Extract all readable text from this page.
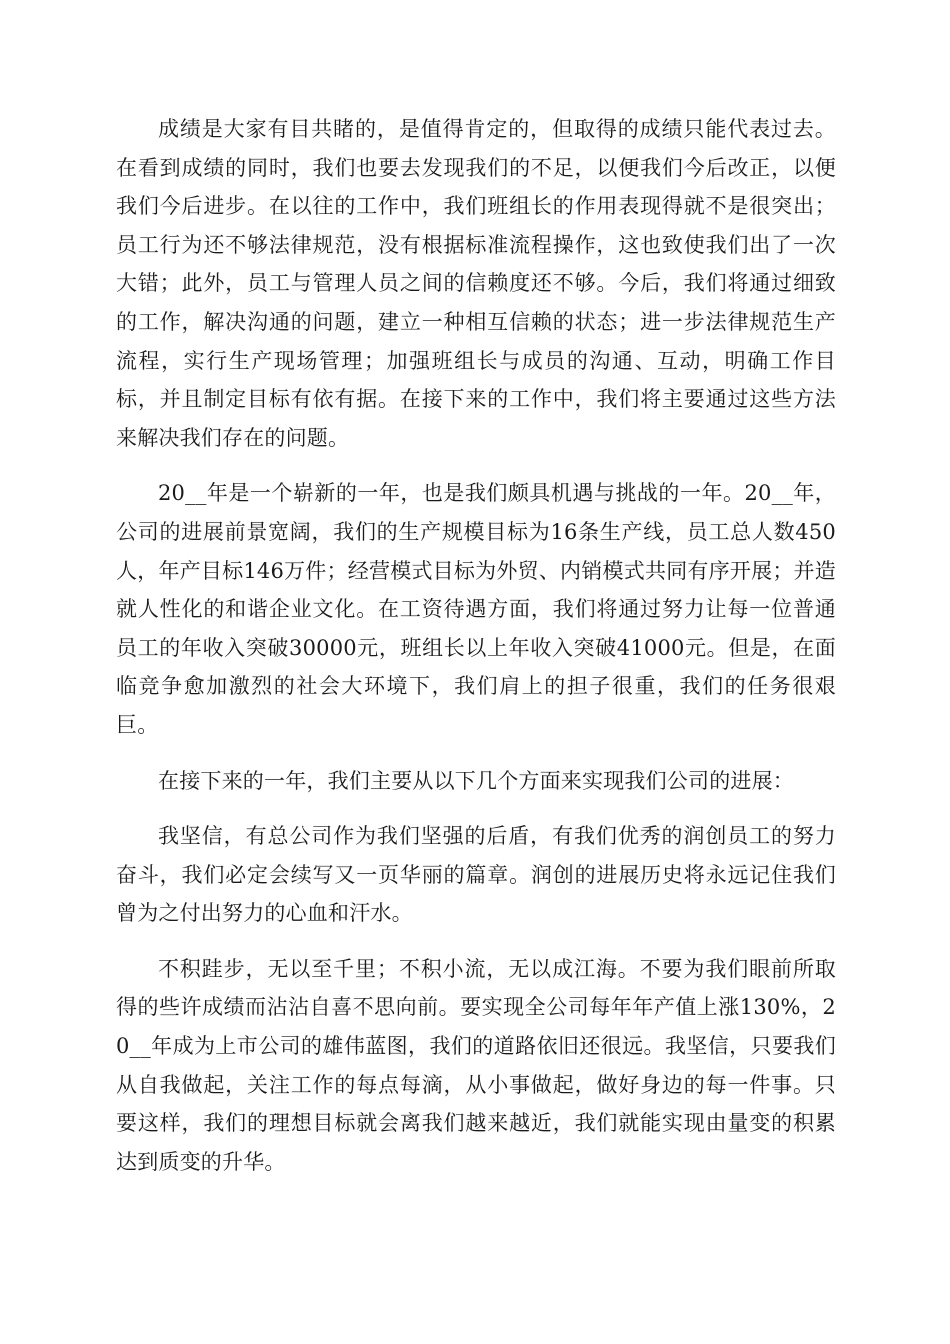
成绩是大家有目共睹的，是值得肯定的，但取得的成绩只能代表过去。在看到成绩的同时，我们也要去发现我们的不足，以便我们今后改正，以便我们今后进步。在以往的工作中，我们班组长的作用表现得就不是很突出；员工行为还不够法律规范，没有根据标准流程操作，这也致使我们出了一次大错；此外，员工与管理人员之间的信赖度还不够。今后，我们将通过细致的工作，解决沟通的问题，建立一种相互信赖的状态；进一步法律规范生产流程，实行生产现场管理；加强班组长与成员的沟通、互动，明确工作目标，并且制定目标有依有据。在接下来的工作中，我们将主要通过这些方法来解决我们存在的问题。

20__年是一个崭新的一年，也是我们颇具机遇与挑战的一年。20__年，公司的进展前景宽阔，我们的生产规模目标为16条生产线，员工总人数450人，年产目标146万件；经营模式目标为外贸、内销模式共同有序开展；并造就人性化的和谐企业文化。在工资待遇方面，我们将通过努力让每一位普通员工的年收入突破30000元，班组长以上年收入突破41000元。但是，在面临竞争愈加激烈的社会大环境下，我们肩上的担子很重，我们的任务很艰巨。

在接下来的一年，我们主要从以下几个方面来实现我们公司的进展：

我坚信，有总公司作为我们坚强的后盾，有我们优秀的润创员工的努力奋斗，我们必定会续写又一页华丽的篇章。润创的进展历史将永远记住我们曾为之付出努力的心血和汗水。

不积跬步，无以至千里；不积小流，无以成江海。不要为我们眼前所取得的些许成绩而沾沾自喜不思向前。要实现全公司每年年产值上涨130%，20__年成为上市公司的雄伟蓝图，我们的道路依旧还很远。我坚信，只要我们从自我做起，关注工作的每点每滴，从小事做起，做好身边的每一件事。只要这样，我们的理想目标就会离我们越来越近，我们就能实现由量变的积累达到质变的升华。
